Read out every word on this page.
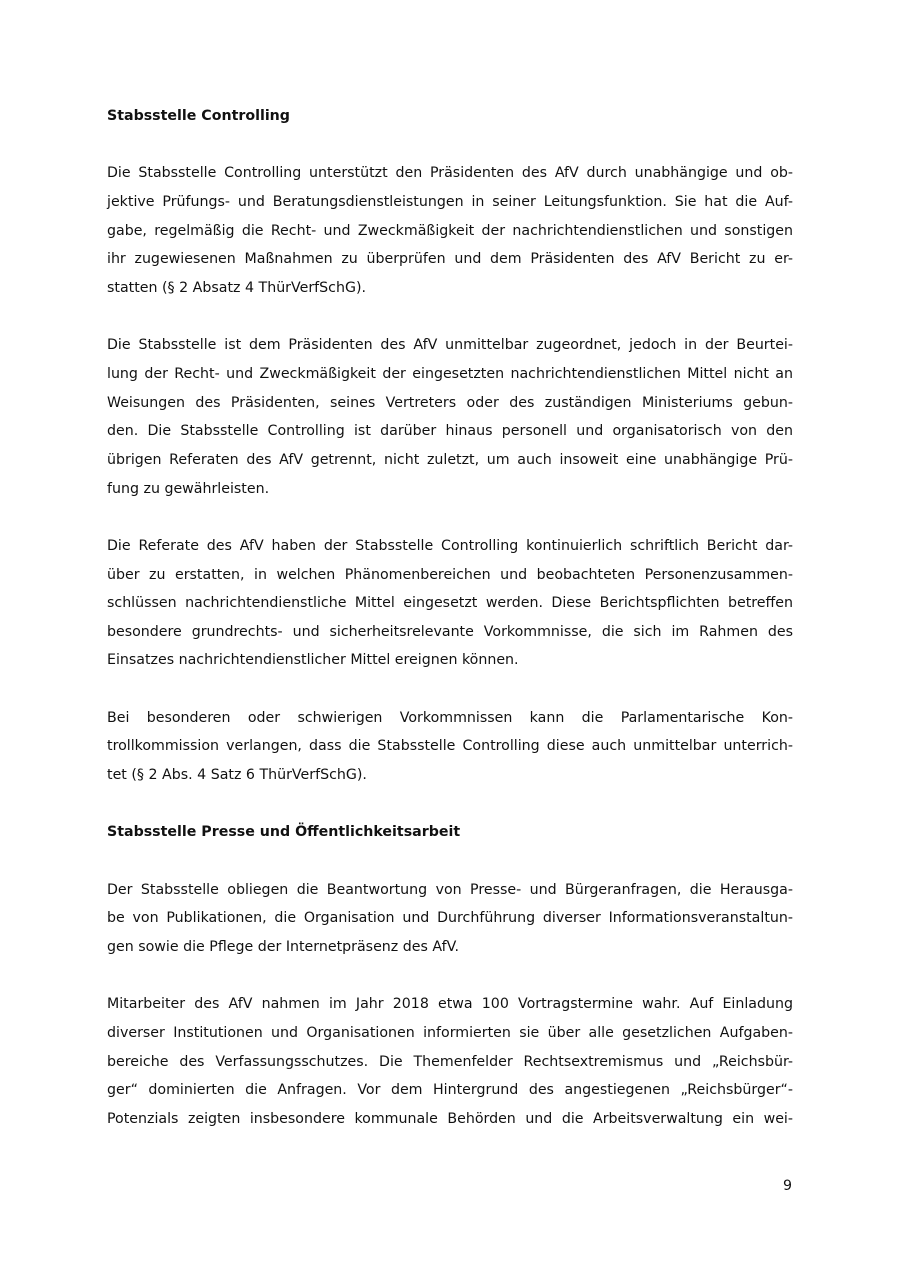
Stabsstelle Controlling
Die Stabsstelle Controlling unterstützt den Präsidenten des AfV durch unabhängige und ob-
jektive Prüfungs- und Beratungsdienstleistungen in seiner Leitungsfunktion. Sie hat die Auf-
gabe, regelmäßig die Recht- und Zweckmäßigkeit der nachrichtendienstlichen und sonstigen
ihr zugewiesenen Maßnahmen zu überprüfen und dem Präsidenten des AfV Bericht zu er-
statten (§ 2 Absatz 4 ThürVerfSchG).
Die Stabsstelle ist dem Präsidenten des AfV unmittelbar zugeordnet, jedoch in der Beurtei-
lung der Recht- und Zweckmäßigkeit der eingesetzten nachrichtendienstlichen Mittel nicht an
Weisungen des Präsidenten, seines Vertreters oder des zuständigen Ministeriums gebun-
den. Die Stabsstelle Controlling ist darüber hinaus personell und organisatorisch von den
übrigen Referaten des AfV getrennt, nicht zuletzt, um auch insoweit eine unabhängige Prü-
fung zu gewährleisten.
Die Referate des AfV haben der Stabsstelle Controlling kontinuierlich schriftlich Bericht dar-
über zu erstatten, in welchen Phänomenbereichen und beobachteten Personenzusammen-
schlüssen nachrichtendienstliche Mittel eingesetzt werden. Diese Berichtspflichten betreffen
besondere grundrechts- und sicherheitsrelevante Vorkommnisse, die sich im Rahmen des
Einsatzes nachrichtendienstlicher Mittel ereignen können.
Bei besonderen oder schwierigen Vorkommnissen kann die Parlamentarische Kon-
trollkommission verlangen, dass die Stabsstelle Controlling diese auch unmittelbar unterrich-
tet (§ 2 Abs. 4 Satz 6 ThürVerfSchG).
Stabsstelle Presse und Öffentlichkeitsarbeit
Der Stabsstelle obliegen die Beantwortung von Presse- und Bürgeranfragen, die Herausga-
be von Publikationen, die Organisation und Durchführung diverser Informationsveranstaltun-
gen sowie die Pflege der Internetpräsenz des AfV.
Mitarbeiter des AfV nahmen im Jahr 2018 etwa 100 Vortragstermine wahr. Auf Einladung
diverser Institutionen und Organisationen informierten sie über alle gesetzlichen Aufgaben-
bereiche des Verfassungsschutzes. Die Themenfelder Rechtsextremismus und „Reichsbür-
ger“ dominierten die Anfragen. Vor dem Hintergrund des angestiegenen „Reichsbürger“-
Potenzials zeigten insbesondere kommunale Behörden und die Arbeitsverwaltung ein wei-
9
